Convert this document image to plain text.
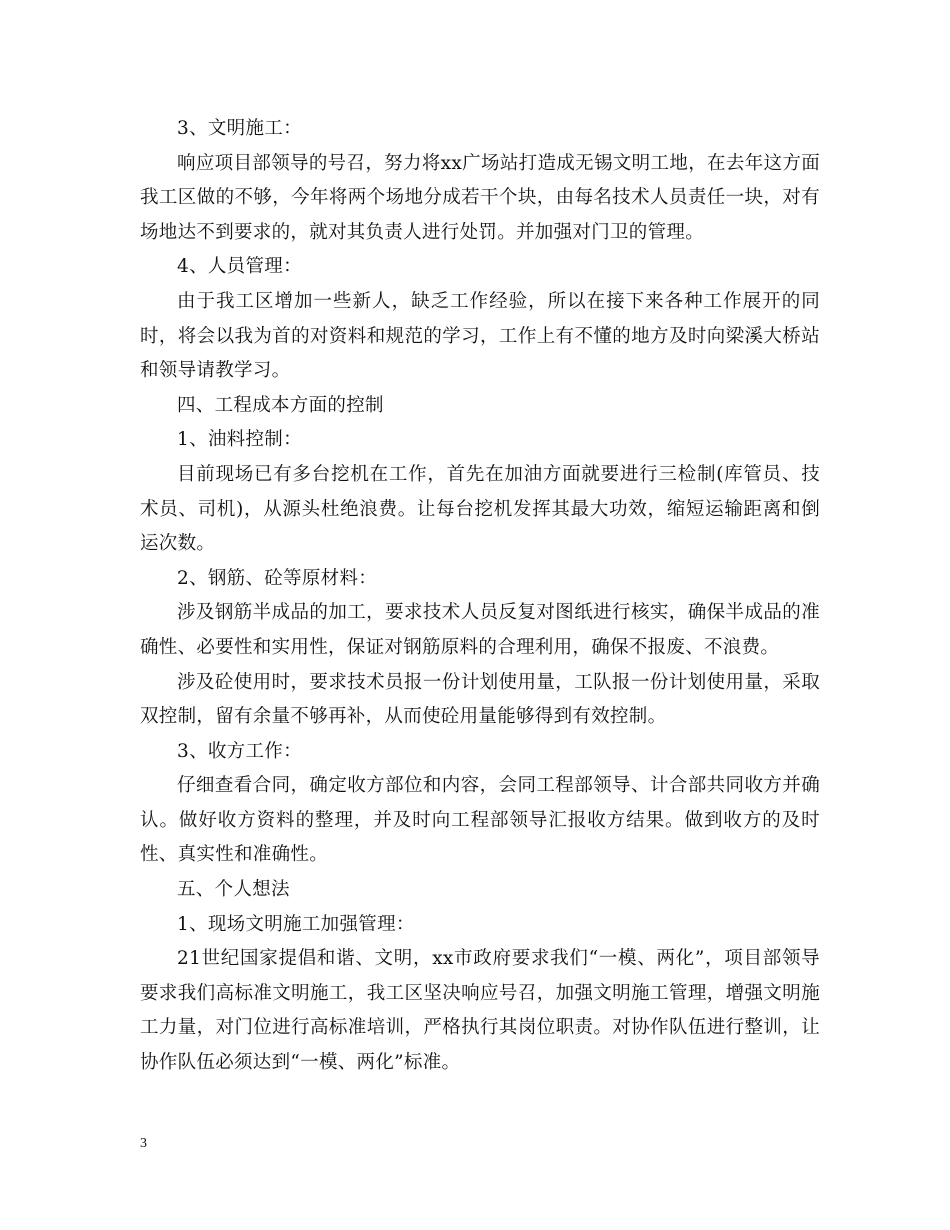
3、文明施工：

响应项目部领导的号召，努力将xx广场站打造成无锡文明工地，在去年这方面我工区做的不够，今年将两个场地分成若干个块，由每名技术人员责任一块，对有场地达不到要求的，就对其负责人进行处罚。并加强对门卫的管理。

4、人员管理：

由于我工区增加一些新人，缺乏工作经验，所以在接下来各种工作展开的同时，将会以我为首的对资料和规范的学习，工作上有不懂的地方及时向梁溪大桥站和领导请教学习。

四、工程成本方面的控制

1、油料控制：

目前现场已有多台挖机在工作，首先在加油方面就要进行三检制(库管员、技术员、司机)，从源头杜绝浪费。让每台挖机发挥其最大功效，缩短运输距离和倒运次数。

2、钢筋、砼等原材料：

涉及钢筋半成品的加工，要求技术人员反复对图纸进行核实，确保半成品的准确性、必要性和实用性，保证对钢筋原料的合理利用，确保不报废、不浪费。

涉及砼使用时，要求技术员报一份计划使用量，工队报一份计划使用量，采取双控制，留有余量不够再补，从而使砼用量能够得到有效控制。

3、收方工作：

仔细查看合同，确定收方部位和内容，会同工程部领导、计合部共同收方并确认。做好收方资料的整理，并及时向工程部领导汇报收方结果。做到收方的及时性、真实性和准确性。

五、个人想法

1、现场文明施工加强管理：

21世纪国家提倡和谐、文明，xx市政府要求我们“一模、两化”，项目部领导要求我们高标准文明施工，我工区坚决响应号召，加强文明施工管理，增强文明施工力量，对门位进行高标准培训，严格执行其岗位职责。对协作队伍进行整训，让协作队伍必须达到“一模、两化”标准。

3
